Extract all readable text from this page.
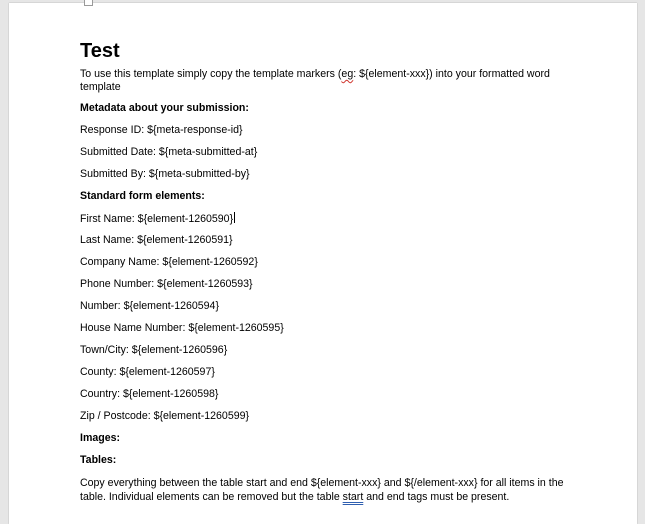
Test
To use this template simply copy the template markers (eg: ${element-xxx}) into your formatted word template
Metadata about your submission:
Response ID: ${meta-response-id}
Submitted Date: ${meta-submitted-at}
Submitted By: ${meta-submitted-by}
Standard form elements:
First Name: ${element-1260590}
Last Name: ${element-1260591}
Company Name: ${element-1260592}
Phone Number: ${element-1260593}
Number: ${element-1260594}
House Name Number: ${element-1260595}
Town/City: ${element-1260596}
County: ${element-1260597}
Country: ${element-1260598}
Zip / Postcode: ${element-1260599}
Images:
Tables:
Copy everything between the table start and end ${element-xxx} and ${/element-xxx} for all items in the table. Individual elements can be removed but the table start and end tags must be present.
